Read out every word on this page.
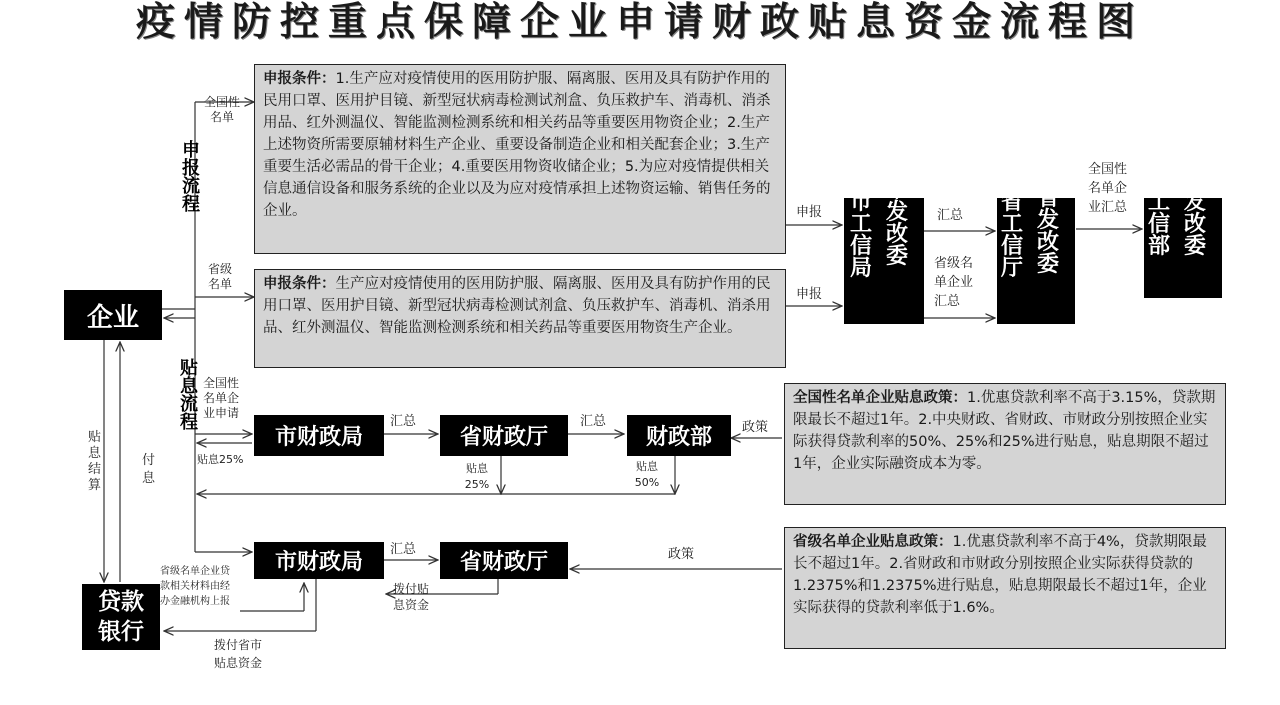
疫情防控重点保障企业申请财政贴息资金流程图
企业
贷款
银行
申报流程
贴息流程
申报条件：1.生产应对疫情使用的医用防护服、隔离服、医用及具有防护作用的民用口罩、医用护目镜、新型冠状病毒检测试剂盒、负压救护车、消毒机、消杀用品、红外测温仪、智能监测检测系统和相关药品等重要医用物资企业；2.生产上述物资所需要原辅材料生产企业、重要设备制造企业和相关配套企业；3.生产重要生活必需品的骨干企业；4.重要医用物资收储企业；5.为应对疫情提供相关信息通信设备和服务系统的企业以及为应对疫情承担上述物资运输、销售任务的企业。
申报条件：生产应对疫情使用的医用防护服、隔离服、医用及具有防护作用的民用口罩、医用护目镜、新型冠状病毒检测试剂盒、负压救护车、消毒机、消杀用品、红外测温仪、智能监测检测系统和相关药品等重要医用物资生产企业。
市
工
信
局
市
发
改
委
省
工
信
厅
省
发
改
委
工
信
部
发
改
委
市财政局	省财政厅	财政部
市财政局	省财政厅
全国性名单企业贴息政策：1.优惠贷款利率不高于3.15%，贷款期限最长不超过1年。2.中央财政、省财政、市财政分别按照企业实际获得贷款利率的50%、25%和25%进行贴息，贴息期限不超过1年，企业实际融资成本为零。
省级名单企业贴息政策：1.优惠贷款利率不高于4%，贷款期限最长不超过1年。2.省财政和市财政分别按照企业实际获得贷款的1.2375%和1.2375%进行贴息，贴息期限最长不超过1年，企业实际获得的贷款利率低于1.6%。
全国性
名单
省级
名单
申报
申报
汇总
省级名
单企业
汇总
全国性
名单企
业汇总
全国性
名单企
业申请
贴息25%
汇总	汇总	政策
贴息
25%
贴息
50%
贴
息
结
算
付
息
省级名单企业贷
款相关材料由经
办金融机构上报
汇总
拨付贴
息资金
政策
拨付省市
贴息资金
